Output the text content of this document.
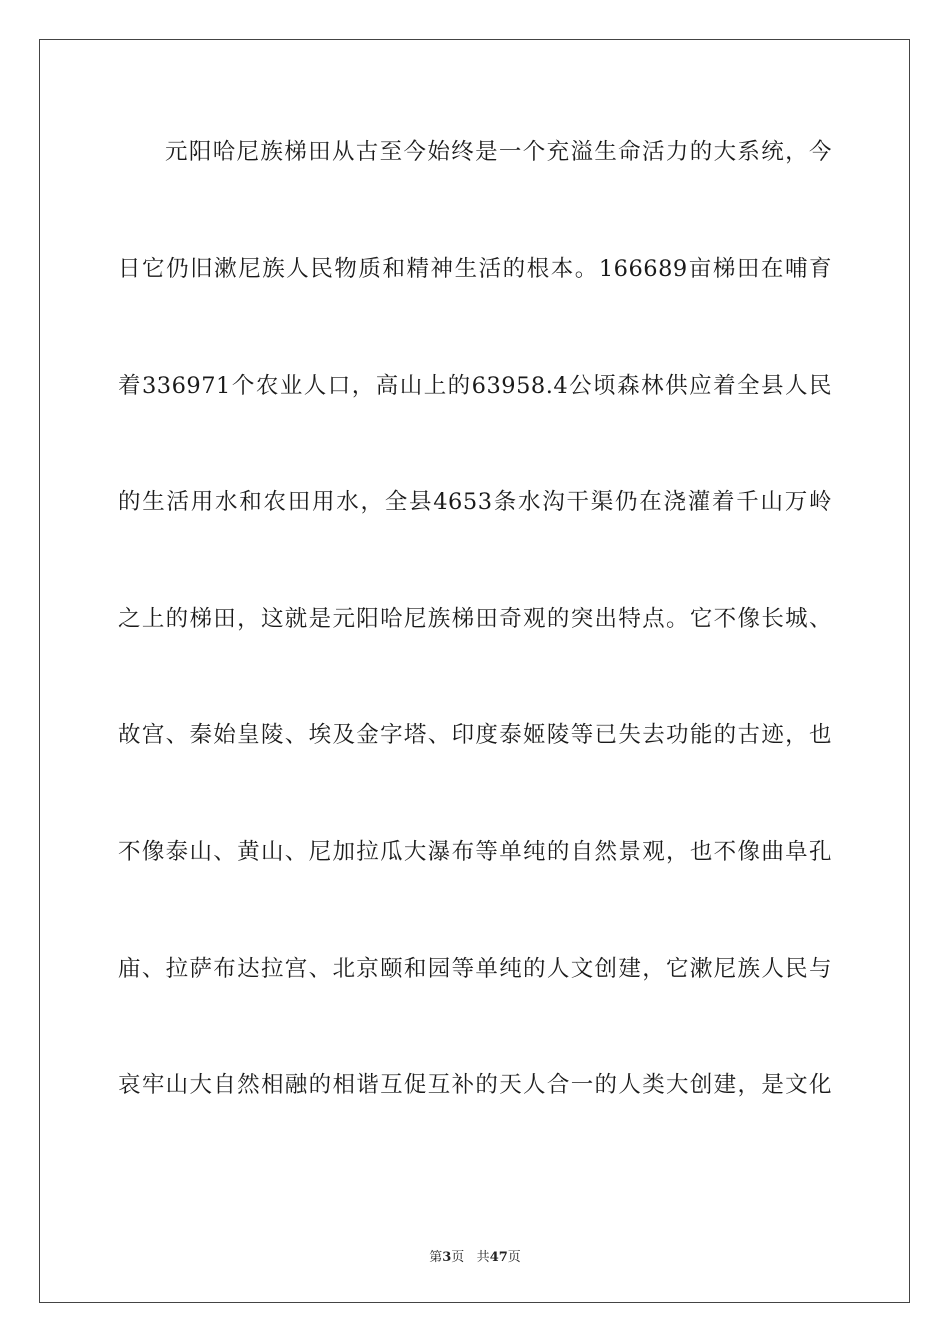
元阳哈尼族梯田从古至今始终是一个充溢生命活力的大系统，今
日它仍旧漱尼族人民物质和精神生活的根本。166689亩梯田在哺育
着336971个农业人口，高山上的63958.4公顷森林供应着全县人民
的生活用水和农田用水，全县4653条水沟干渠仍在浇灌着千山万岭
之上的梯田，这就是元阳哈尼族梯田奇观的突出特点。它不像长城、
故宫、秦始皇陵、埃及金字塔、印度泰姬陵等已失去功能的古迹，也
不像泰山、黄山、尼加拉瓜大瀑布等单纯的自然景观，也不像曲阜孔
庙、拉萨布达拉宫、北京颐和园等单纯的人文创建，它漱尼族人民与
哀牢山大自然相融的相谐互促互补的天人合一的人类大创建，是文化
第3页 共47页
